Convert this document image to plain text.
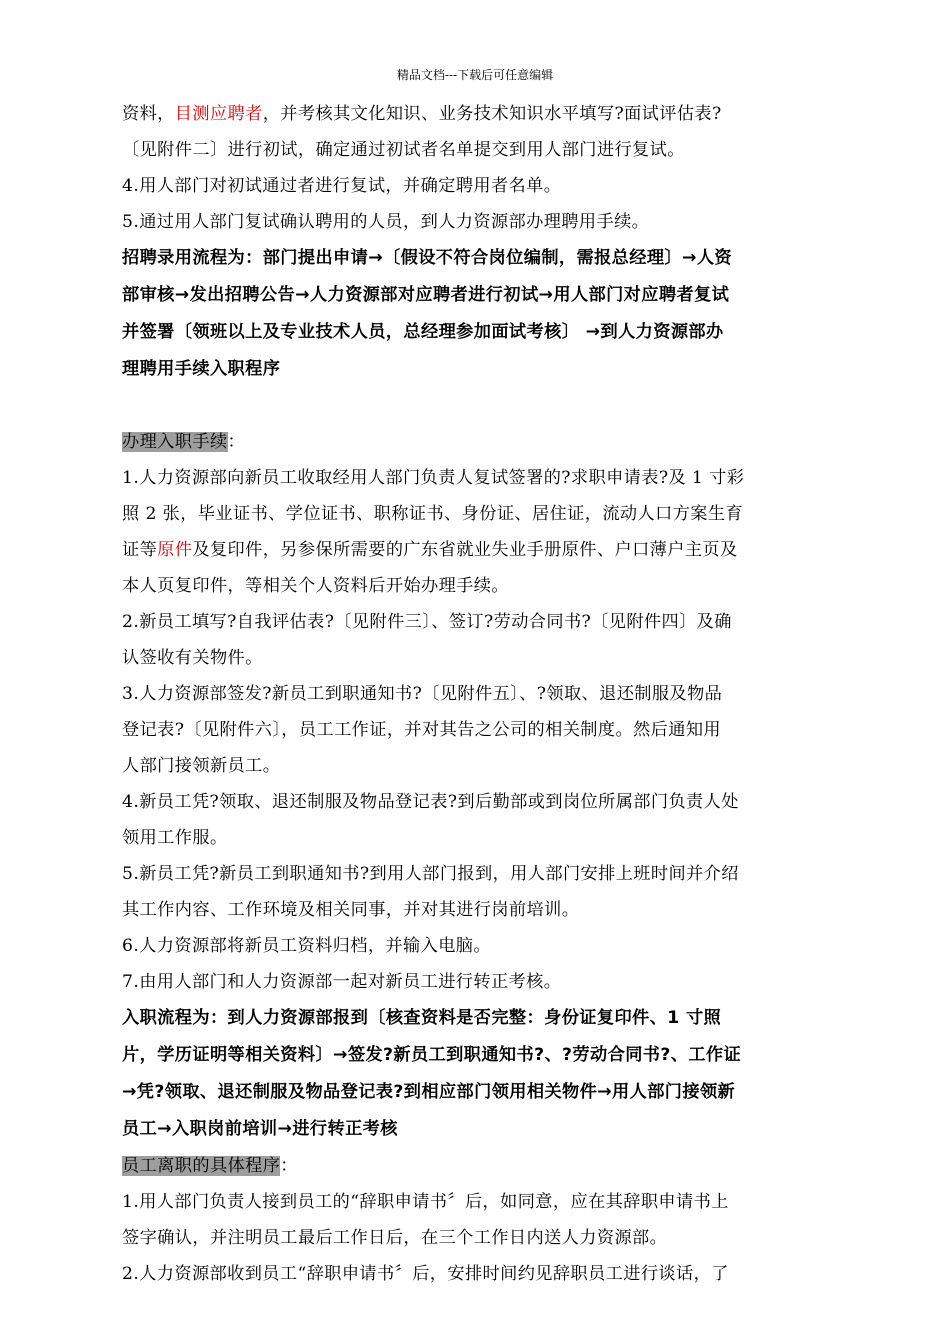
精品文档---下载后可任意编辑

资料，目测应聘者，并考核其文化知识、业务技术知识水平填写?面试评估表?

〔见附件二〕进行初试，确定通过初试者名单提交到用人部门进行复试。

4.用人部门对初试通过者进行复试，并确定聘用者名单。

5.通过用人部门复试确认聘用的人员，到人力资源部办理聘用手续。

招聘录用流程为：部门提出申请→〔假设不符合岗位编制，需报总经理〕→人资

部审核→发出招聘公告→人力资源部对应聘者进行初试→用人部门对应聘者复试

并签署〔领班以上及专业技术人员，总经理参加面试考核〕 →到人力资源部办

理聘用手续入职程序

办理入职手续：

1.人力资源部向新员工收取经用人部门负责人复试签署的?求职申请表?及 1 寸彩

照 2 张，毕业证书、学位证书、职称证书、身份证、居住证，流动人口方案生育

证等原件及复印件，另参保所需要的广东省就业失业手册原件、户口薄户主页及

本人页复印件，等相关个人资料后开始办理手续。

2.新员工填写?自我评估表?〔见附件三〕、签订?劳动合同书?〔见附件四〕及确

认签收有关物件。

3.人力资源部签发?新员工到职通知书?〔见附件五〕、?领取、退还制服及物品

登记表?〔见附件六〕，员工工作证，并对其告之公司的相关制度。然后通知用

人部门接领新员工。

4.新员工凭?领取、退还制服及物品登记表?到后勤部或到岗位所属部门负责人处

领用工作服。

5.新员工凭?新员工到职通知书?到用人部门报到，用人部门安排上班时间并介绍

其工作内容、工作环境及相关同事，并对其进行岗前培训。

6.人力资源部将新员工资料归档，并输入电脑。

7.由用人部门和人力资源部一起对新员工进行转正考核。

入职流程为：到人力资源部报到〔核查资料是否完整：身份证复印件、1 寸照

片，学历证明等相关资料〕→签发?新员工到职通知书?、?劳动合同书?、工作证

→凭?领取、退还制服及物品登记表?到相应部门领用相关物件→用人部门接领新

员工→入职岗前培训→进行转正考核

员工离职的具体程序：

1.用人部门负责人接到员工的“辞职申请书〞后，如同意，应在其辞职申请书上

签字确认，并注明员工最后工作日后，在三个工作日内送人力资源部。

2.人力资源部收到员工“辞职申请书〞后，安排时间约见辞职员工进行谈话，了
